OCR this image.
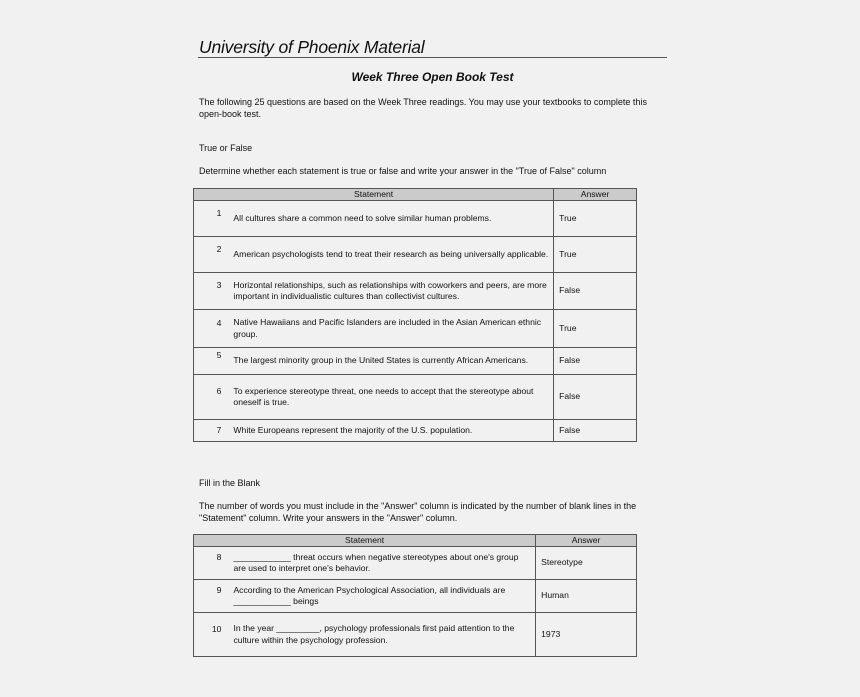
University of Phoenix Material
Week Three Open Book Test
The following 25 questions are based on the Week Three readings. You may use your textbooks to complete this open-book test.
True or False
Determine whether each statement is true or false and write your answer in the "True of False" column
Statement		Answer
1	All cultures share a common need to solve similar human problems.	True
2	American psychologists tend to treat their research as being universally applicable.	True
3	Horizontal relationships, such as relationships with coworkers and peers, are more important in individualistic cultures than collectivist cultures.	False
4	Native Hawaiians and Pacific Islanders are included in the Asian American ethnic group.	True
5	The largest minority group in the United States is currently African Americans.	False
6	To experience stereotype threat, one needs to accept that the stereotype about oneself is true.	False
7	White Europeans represent the majority of the U.S. population.	False
Fill in the Blank
The number of words you must include in the "Answer" column is indicated by the number of blank lines in the "Statement" column. Write your answers in the "Answer" column.
Statement		Answer
8	____________ threat occurs when negative stereotypes about one's group are used to interpret one's behavior.	Stereotype
9	According to the American Psychological Association, all individuals are ____________ beings	Human
10	In the year _________, psychology professionals first paid attention to the culture within the psychology profession.	1973
